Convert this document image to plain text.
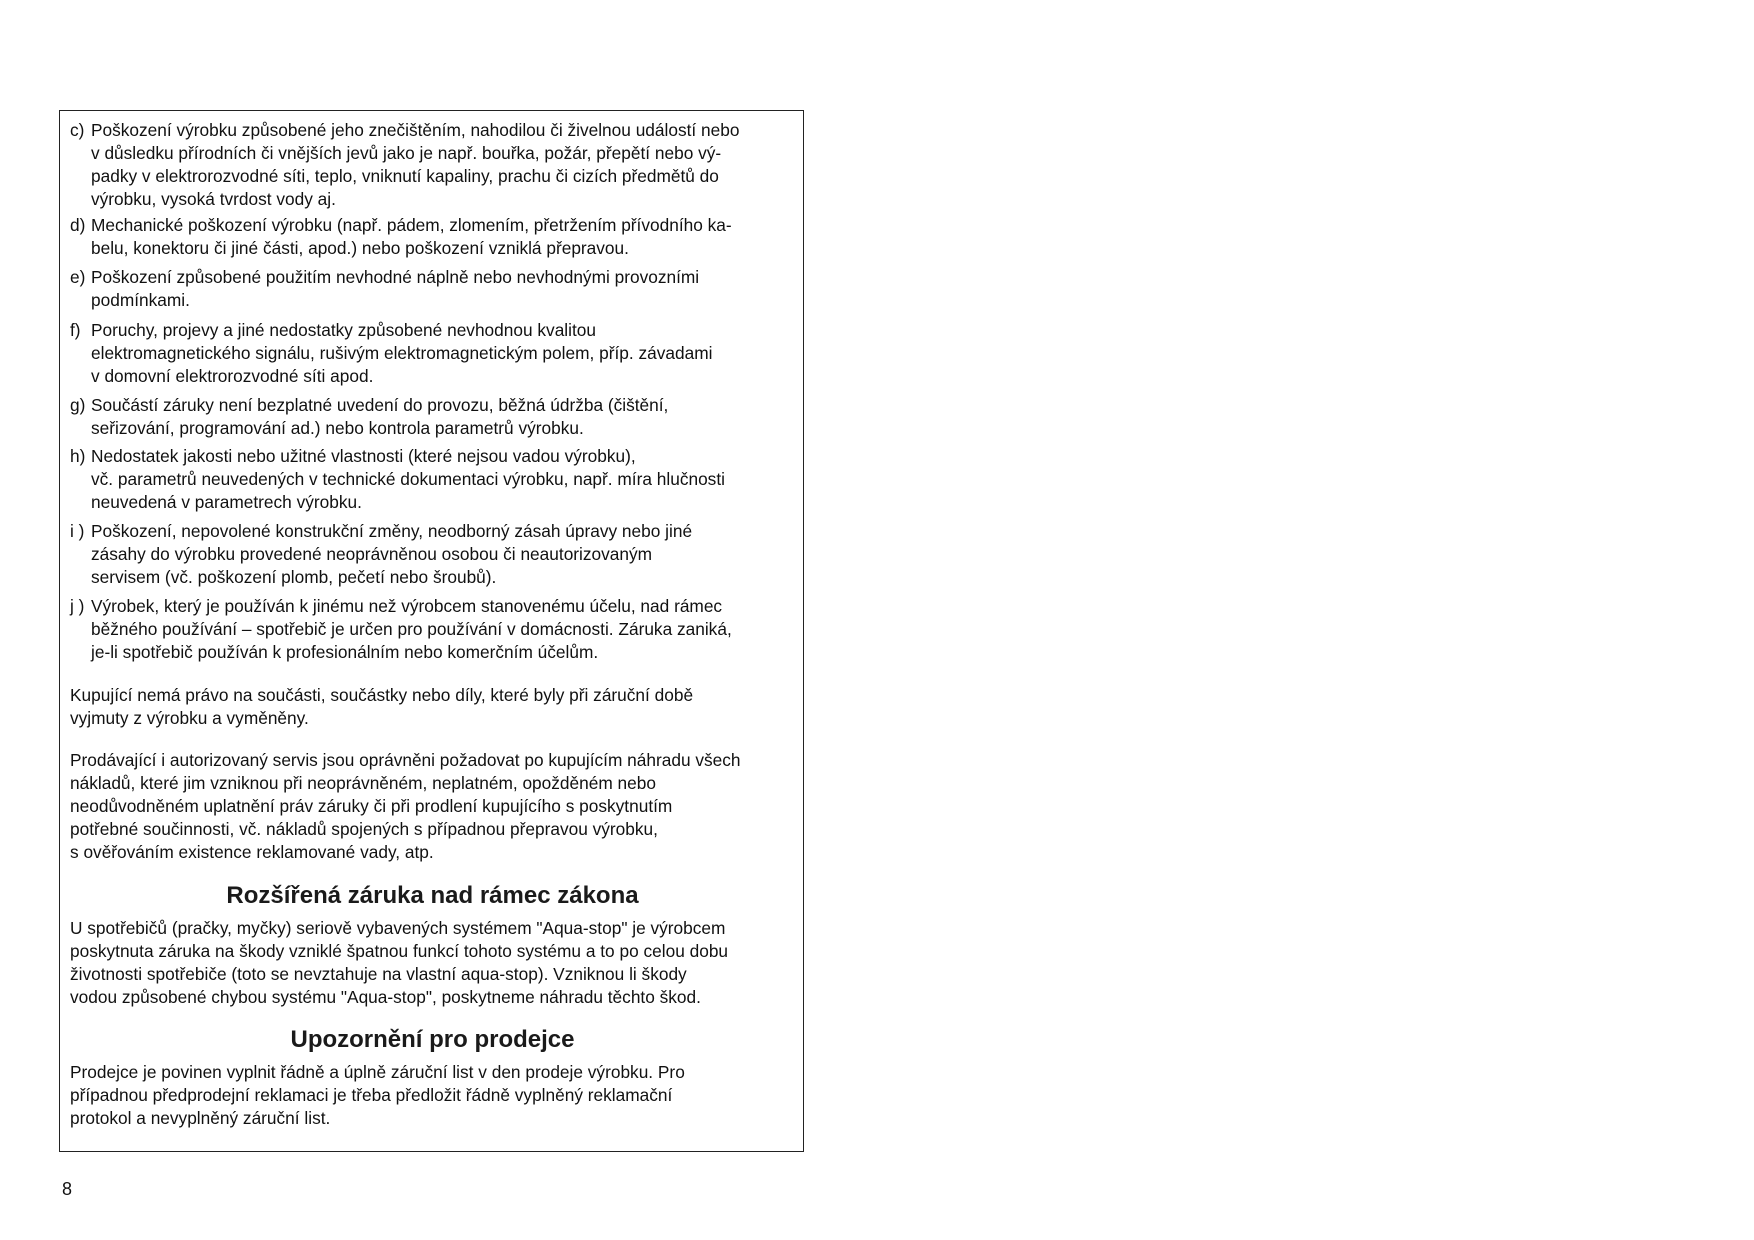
c) Poškození výrobku způsobené jeho znečištěním, nahodilou či živelnou událostí nebo
v důsledku přírodních či vnějších jevů jako je např. bouřka, požár, přepětí nebo vý-
padky v elektrorozvodné síti, teplo, vniknutí kapaliny, prachu či cizích předmětů do
výrobku, vysoká tvrdost vody aj.
d) Mechanické poškození výrobku (např. pádem, zlomením, přetržením přívodního ka-
belu, konektoru či jiné části, apod.) nebo poškození vzniklá přepravou.
e) Poškození způsobené použitím nevhodné náplně nebo nevhodnými provozními
podmínkami.
f) Poruchy, projevy a jiné nedostatky způsobené nevhodnou kvalitou
elektromagnetického signálu, rušivým elektromagnetickým polem, příp. závadami
v domovní elektrorozvodné síti apod.
g) Součástí záruky není bezplatné uvedení do provozu, běžná údržba (čištění,
seřizování, programování ad.) nebo kontrola parametrů výrobku.
h) Nedostatek jakosti nebo užitné vlastnosti (které nejsou vadou výrobku),
vč. parametrů neuvedených v technické dokumentaci výrobku, např. míra hlučnosti
neuvedená v parametrech výrobku.
i ) Poškození, nepovolené konstrukční změny, neodborný zásah úpravy nebo jiné
zásahy do výrobku provedené neoprávněnou osobou či neautorizovaným
servisem (vč. poškození plomb, pečetí nebo šroubů).
j ) Výrobek, který je používán k jinému než výrobcem stanovenému účelu, nad rámec
běžného používání – spotřebič je určen pro používání v domácnosti. Záruka zaniká,
je-li spotřebič používán k profesionálním nebo komerčním účelům.
Kupující nemá právo na součásti, součástky nebo díly, které byly při záruční době
vyjmuty z výrobku a vyměněny.
Prodávající i autorizovaný servis jsou oprávněni požadovat po kupujícím náhradu všech
nákladů, které jim vzniknou při neoprávněném, neplatném, opožděném nebo
neodůvodněném uplatnění práv záruky či při prodlení kupujícího s poskytnutím
potřebné součinnosti, vč. nákladů spojených s případnou přepravou výrobku,
s ověřováním existence reklamované vady, atp.
Rozšířená záruka nad rámec zákona
U spotřebičů (pračky, myčky) seriově vybavených systémem "Aqua-stop" je výrobcem
poskytnuta záruka na škody vzniklé špatnou funkcí tohoto systému a to po celou dobu
životnosti spotřebiče (toto se nevztahuje na vlastní aqua-stop). Vzniknou li škody
vodou způsobené chybou systému "Aqua-stop", poskytneme náhradu těchto škod.
Upozornění pro prodejce
Prodejce je povinen vyplnit řádně a úplně záruční list v den prodeje výrobku. Pro
případnou předprodejní reklamaci je třeba předložit řádně vyplněný reklamační
protokol a nevyplněný záruční list.
8
